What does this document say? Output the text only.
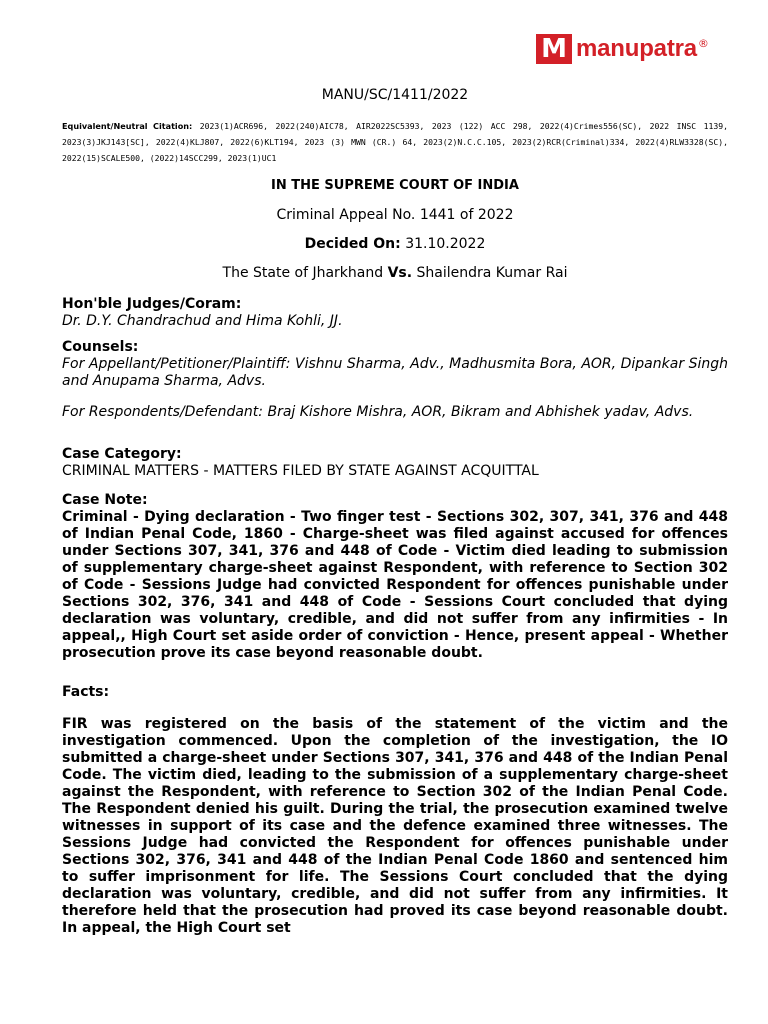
M manupatra ®
MANU/SC/1411/2022
Equivalent/Neutral Citation: 2023(1)ACR696, 2022(240)AIC78, AIR2022SC5393, 2023 (122) ACC 298, 2022(4)Crimes556(SC), 2022 INSC 1139, 2023(3)JKJ143[SC], 2022(4)KLJ807, 2022(6)KLT194, 2023 (3) MWN (CR.) 64, 2023(2)N.C.C.105, 2023(2)RCR(Criminal)334, 2022(4)RLW3328(SC), 2022(15)SCALE500, (2022)14SCC299, 2023(1)UC1
IN THE SUPREME COURT OF INDIA
Criminal Appeal No. 1441 of 2022
Decided On: 31.10.2022
The State of Jharkhand Vs. Shailendra Kumar Rai
Hon'ble Judges/Coram:
Dr. D.Y. Chandrachud and Hima Kohli, JJ.
Counsels:
For Appellant/Petitioner/Plaintiff: Vishnu Sharma, Adv., Madhusmita Bora, AOR, Dipankar Singh and Anupama Sharma, Advs.
For Respondents/Defendant: Braj Kishore Mishra, AOR, Bikram and Abhishek yadav, Advs.
Case Category:
CRIMINAL MATTERS - MATTERS FILED BY STATE AGAINST ACQUITTAL
Case Note:
Criminal - Dying declaration - Two finger test - Sections 302, 307, 341, 376 and 448 of Indian Penal Code, 1860 - Charge-sheet was filed against accused for offences under Sections 307, 341, 376 and 448 of Code - Victim died leading to submission of supplementary charge-sheet against Respondent, with reference to Section 302 of Code - Sessions Judge had convicted Respondent for offences punishable under Sections 302, 376, 341 and 448 of Code - Sessions Court concluded that dying declaration was voluntary, credible, and did not suffer from any infirmities - In appeal,, High Court set aside order of conviction - Hence, present appeal - Whether prosecution prove its case beyond reasonable doubt.
Facts:
FIR was registered on the basis of the statement of the victim and the investigation commenced. Upon the completion of the investigation, the IO submitted a charge-sheet under Sections 307, 341, 376 and 448 of the Indian Penal Code. The victim died, leading to the submission of a supplementary charge-sheet against the Respondent, with reference to Section 302 of the Indian Penal Code. The Respondent denied his guilt. During the trial, the prosecution examined twelve witnesses in support of its case and the defence examined three witnesses. The Sessions Judge had convicted the Respondent for offences punishable under Sections 302, 376, 341 and 448 of the Indian Penal Code 1860 and sentenced him to suffer imprisonment for life. The Sessions Court concluded that the dying declaration was voluntary, credible, and did not suffer from any infirmities. It therefore held that the prosecution had proved its case beyond reasonable doubt. In appeal, the High Court set
